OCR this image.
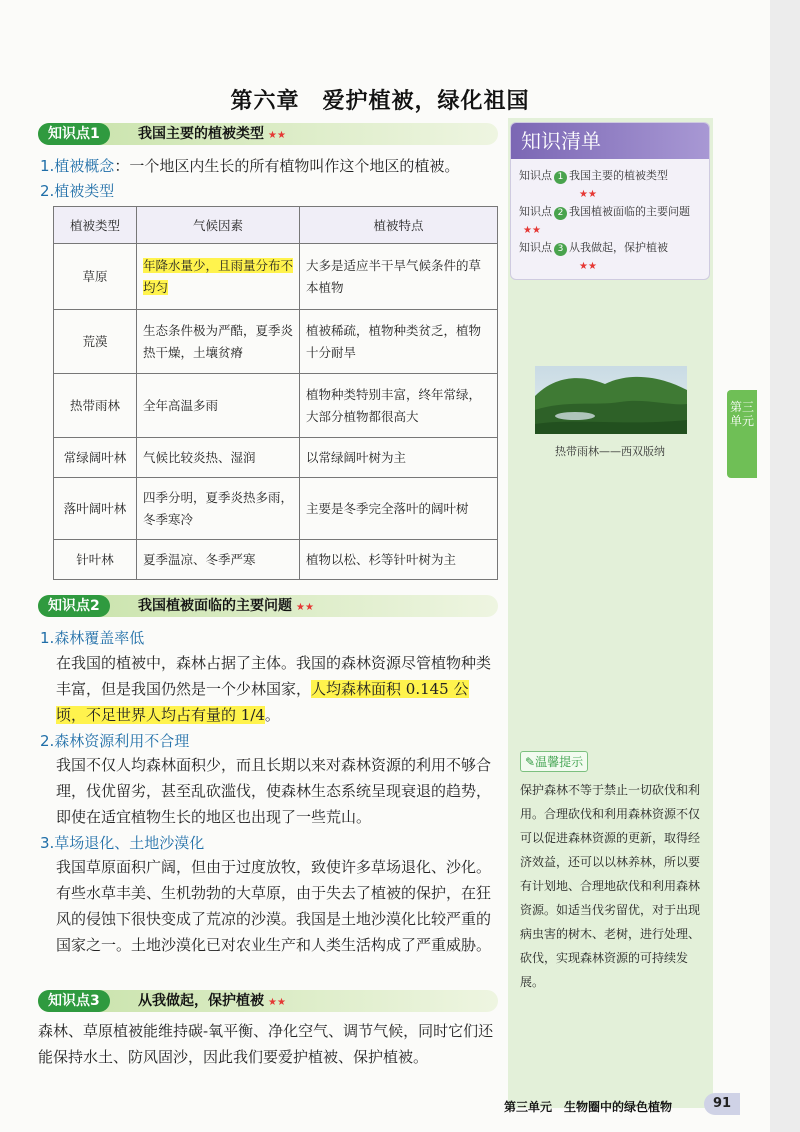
第六章　爱护植被，绿化祖国
知识点1	我国主要的植被类型 ★★
1.植被概念：一个地区内生长的所有植物叫作这个地区的植被。
2.植被类型
植被类型	气候因素	植被特点
草原	年降水量少，且雨量分布不均匀	大多是适应半干旱气候条件的草本植物
荒漠	生态条件极为严酷，夏季炎热干燥，土壤贫瘠	植被稀疏，植物种类贫乏，植物十分耐旱
热带雨林	全年高温多雨	植物种类特别丰富，终年常绿，大部分植物都很高大
常绿阔叶林	气候比较炎热、湿润	以常绿阔叶树为主
落叶阔叶林	四季分明，夏季炎热多雨，冬季寒冷	主要是冬季完全落叶的阔叶树
针叶林	夏季温凉、冬季严寒	植物以松、杉等针叶树为主
知识点2	我国植被面临的主要问题 ★★
1.森林覆盖率低
在我国的植被中，森林占据了主体。我国的森林资源尽管植物种类丰富，但是我国仍然是一个少林国家，人均森林面积 0.145 公顷，不足世界人均占有量的 1/4。
2.森林资源利用不合理
我国不仅人均森林面积少，而且长期以来对森林资源的利用不够合理，伐优留劣，甚至乱砍滥伐，使森林生态系统呈现衰退的趋势，即使在适宜植物生长的地区也出现了一些荒山。
3.草场退化、土地沙漠化
我国草原面积广阔，但由于过度放牧，致使许多草场退化、沙化。有些水草丰美、生机勃勃的大草原，由于失去了植被的保护，在狂风的侵蚀下很快变成了荒凉的沙漠。我国是土地沙漠化比较严重的国家之一。土地沙漠化已对农业生产和人类生活构成了严重威胁。
知识点3	从我做起，保护植被 ★★
森林、草原植被能维持碳-氧平衡、净化空气、调节气候，同时它们还能保持水土、防风固沙，因此我们要爱护植被、保护植被。
知识清单
知识点 1 我国主要的植被类型
★★
知识点 2 我国植被面临的主要问题★★
知识点 3 从我做起，保护植被
★★
热带雨林——西双版纳
✎温馨提示
保护森林不等于禁止一切砍伐和利用。合理砍伐和利用森林资源不仅可以促进森林资源的更新，取得经济效益，还可以以林养林，所以要有计划地、合理地砍伐和利用森林资源。如适当伐劣留优，对于出现病虫害的树木、老树，进行处理、砍伐，实现森林资源的可持续发展。
第三单元
第三单元　生物圈中的绿色植物	91
